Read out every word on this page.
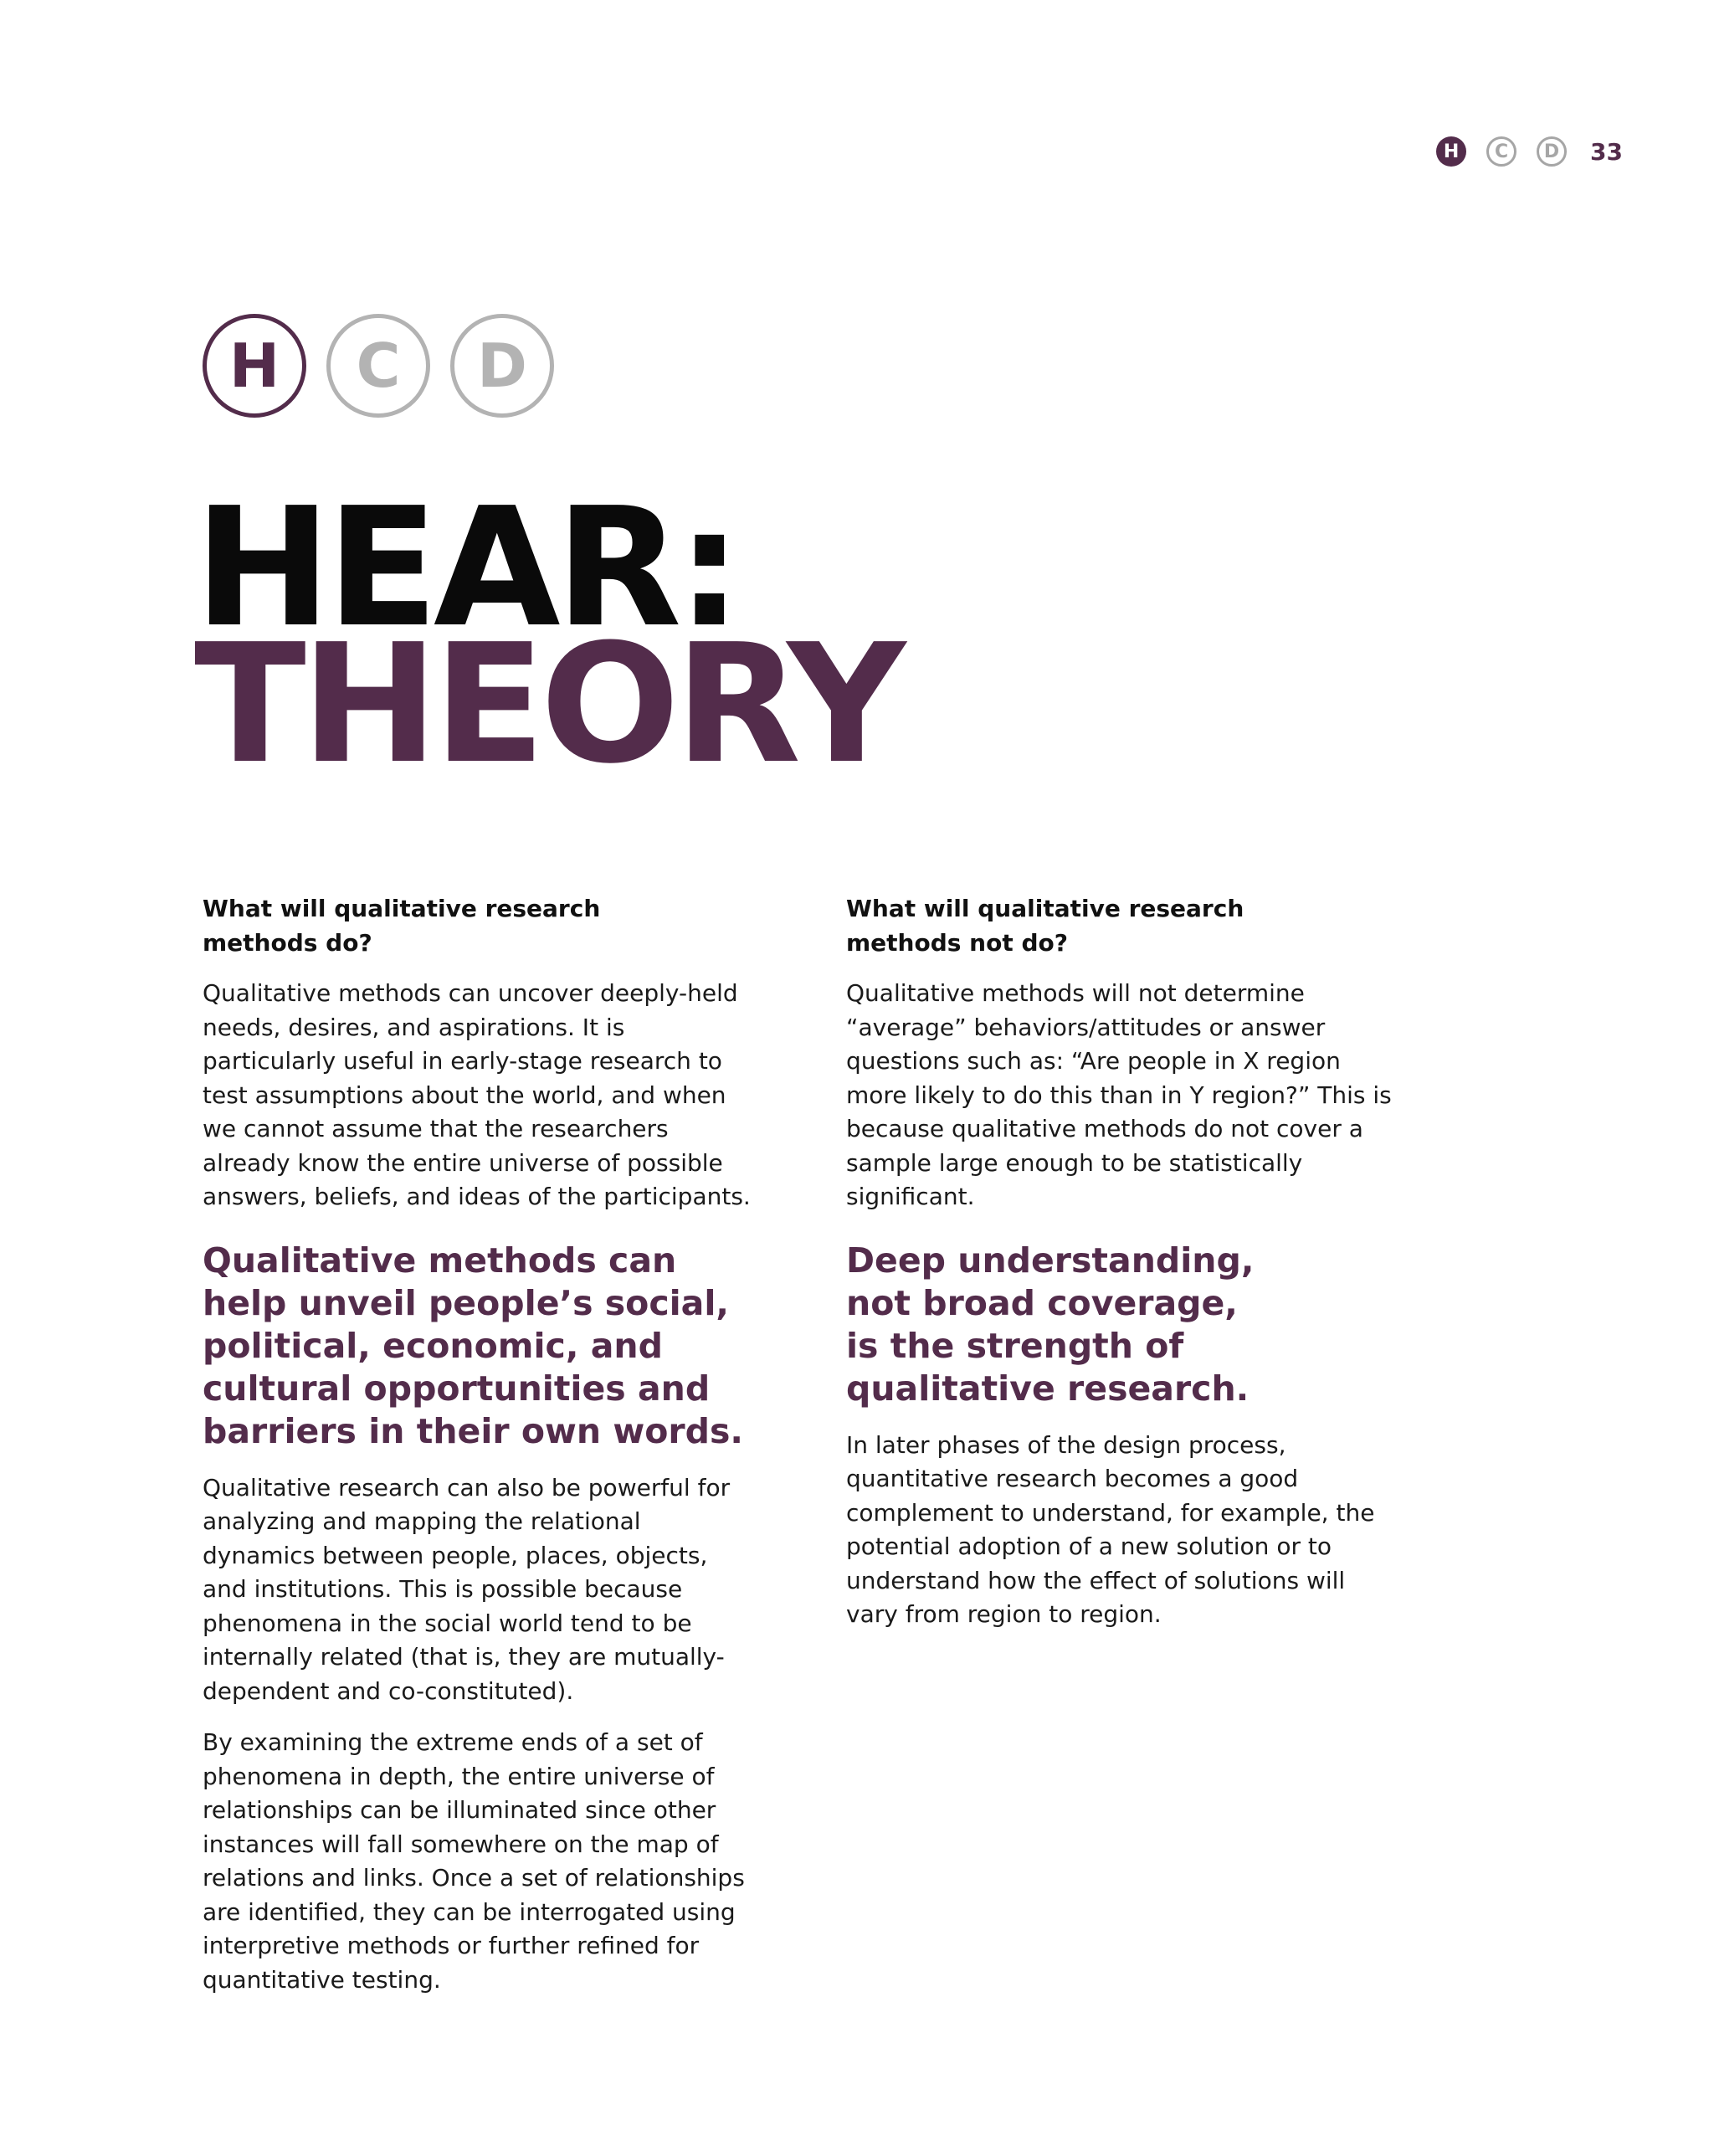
H	C	D	33
H	C	D
HEAR:
THEORY
What will qualitative research
methods do?

Qualitative methods can uncover deeply-held needs, desires, and aspirations. It is particularly useful in early-stage research to test assumptions about the world, and when we cannot assume that the researchers already know the entire universe of possible answers, beliefs, and ideas of the participants.

Qualitative methods can help unveil people’s social, political, economic, and cultural opportunities and barriers in their own words.

Qualitative research can also be powerful for analyzing and mapping the relational dynamics between people, places, objects, and institutions. This is possible because phenomena in the social world tend to be internally related (that is, they are mutually-dependent and co-constituted).

By examining the extreme ends of a set of phenomena in depth, the entire universe of relationships can be illuminated since other instances will fall somewhere on the map of relations and links. Once a set of relationships are identified, they can be interrogated using interpretive methods or further refined for quantitative testing.

What will qualitative research
methods not do?

Qualitative methods will not determine “average” behaviors/attitudes or answer questions such as: “Are people in X region more likely to do this than in Y region?” This is because qualitative methods do not cover a sample large enough to be statistically significant.

Deep understanding,
not broad coverage,
is the strength of
qualitative research.

In later phases of the design process, quantitative research becomes a good complement to understand, for example, the potential adoption of a new solution or to understand how the effect of solutions will vary from region to region.
